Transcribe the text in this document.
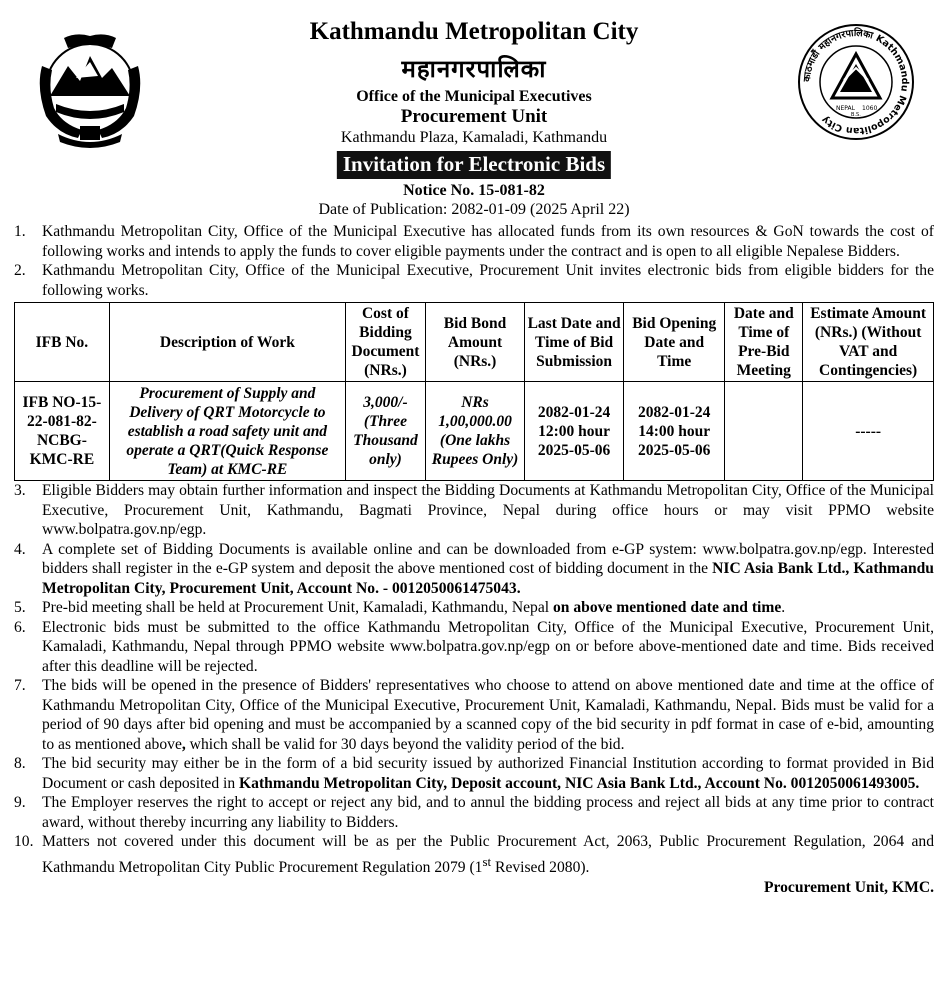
Kathmandu Metropolitan City
महानगरपालिका
Office of the Municipal Executives
Procurement Unit
Kathmandu Plaza, Kamaladi, Kathmandu
Invitation for Electronic Bids
Notice No. 15-081-82
Date of Publication: 2082-01-09 (2025 April 22)
काठमाडौं महानगरपालिका Kathmandu Metropolitan City
NEPAL 1060
B.S.
1.	Kathmandu Metropolitan City, Office of the Municipal Executive has allocated funds from its own resources & GoN towards the cost of following works and intends to apply the funds to cover eligible payments under the contract and is open to all eligible Nepalese Bidders.
2.	Kathmandu Metropolitan City, Office of the Municipal Executive, Procurement Unit invites electronic bids from eligible bidders for the following works.
IFB No.	Description of Work	Cost of Bidding Document (NRs.)	Bid Bond Amount (NRs.)	Last Date and Time of Bid Submission	Bid Opening Date and Time	Date and Time of Pre-Bid Meeting	Estimate Amount (NRs.) (Without VAT and Contingencies)
IFB NO-15-22-081-82-NCBG-KMC-RE	Procurement of Supply and Delivery of QRT Motorcycle to establish a road safety unit and operate a QRT(Quick Response Team) at KMC-RE	3,000/- (Three Thousand only)	NRs 1,00,000.00 (One lakhs Rupees Only)	2082-01-24 12:00 hour 2025-05-06	2082-01-24 14:00 hour 2025-05-06		-----
3.	Eligible Bidders may obtain further information and inspect the Bidding Documents at Kathmandu Metropolitan City, Office of the Municipal Executive, Procurement Unit, Kathmandu, Bagmati Province, Nepal during office hours or may visit PPMO website www.bolpatra.gov.np/egp.
4.	A complete set of Bidding Documents is available online and can be downloaded from e-GP system: www.bolpatra.gov.np/egp. Interested bidders shall register in the e-GP system and deposit the above mentioned cost of bidding document in the NIC Asia Bank Ltd., Kathmandu Metropolitan City, Procurement Unit, Account No. - 0012050061475043.
5.	Pre-bid meeting shall be held at Procurement Unit, Kamaladi, Kathmandu, Nepal on above mentioned date and time.
6.	Electronic bids must be submitted to the office Kathmandu Metropolitan City, Office of the Municipal Executive, Procurement Unit, Kamaladi, Kathmandu, Nepal through PPMO website www.bolpatra.gov.np/egp on or before above-mentioned date and time. Bids received after this deadline will be rejected.
7.	The bids will be opened in the presence of Bidders' representatives who choose to attend on above mentioned date and time at the office of Kathmandu Metropolitan City, Office of the Municipal Executive, Procurement Unit, Kamaladi, Kathmandu, Nepal. Bids must be valid for a period of 90 days after bid opening and must be accompanied by a scanned copy of the bid security in pdf format in case of e-bid, amounting to as mentioned above, which shall be valid for 30 days beyond the validity period of the bid.
8.	The bid security may either be in the form of a bid security issued by authorized Financial Institution according to format provided in Bid Document or cash deposited in Kathmandu Metropolitan City, Deposit account, NIC Asia Bank Ltd., Account No. 0012050061493005.
9.	The Employer reserves the right to accept or reject any bid, and to annul the bidding process and reject all bids at any time prior to contract award, without thereby incurring any liability to Bidders.
10. Matters not covered under this document will be as per the Public Procurement Act, 2063, Public Procurement Regulation, 2064 and Kathmandu Metropolitan City Public Procurement Regulation 2079 (1st Revised 2080).
Procurement Unit, KMC.
